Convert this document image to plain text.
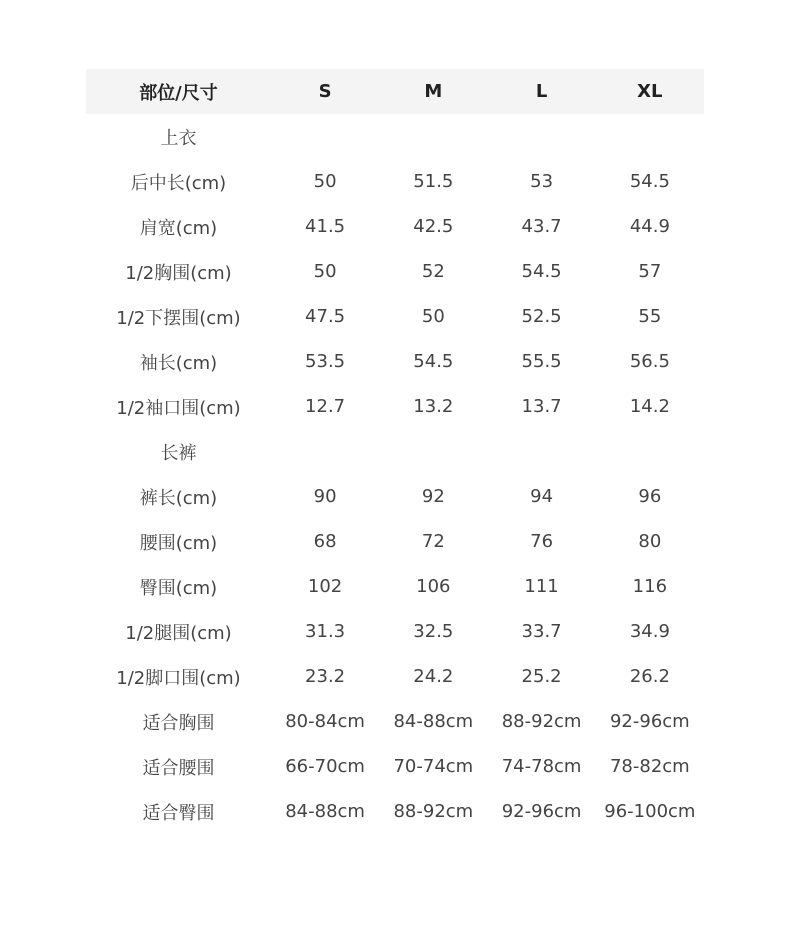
部位/尺寸	S	M	L	XL
上衣				
后中长(cm)	50	51.5	53	54.5
肩宽(cm)	41.5	42.5	43.7	44.9
1/2胸围(cm)	50	52	54.5	57
1/2下摆围(cm)	47.5	50	52.5	55
袖长(cm)	53.5	54.5	55.5	56.5
1/2袖口围(cm)	12.7	13.2	13.7	14.2
长裤				
裤长(cm)	90	92	94	96
腰围(cm)	68	72	76	80
臀围(cm)	102	106	111	116
1/2腿围(cm)	31.3	32.5	33.7	34.9
1/2脚口围(cm)	23.2	24.2	25.2	26.2
适合胸围	80-84cm	84-88cm	88-92cm	92-96cm
适合腰围	66-70cm	70-74cm	74-78cm	78-82cm
适合臀围	84-88cm	88-92cm	92-96cm	96-100cm
